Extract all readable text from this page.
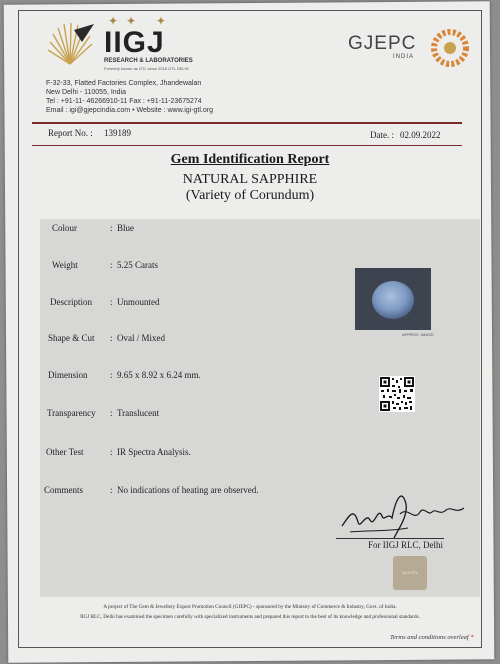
✦✦ ✦
IIGJ
RESEARCH & LABORATORIES
Formerly known as GTL since 2016 GTL DELHI
GJEPC
INDIA
F-32-33, Flatted Factories Complex, Jhandewalan
New Delhi - 110055, India
Tel : +91-11- 46266910-11 Fax : +91-11-23675274
Email : igi@gjepcindia.com • Website : www.igi-gtl.org
Report No. : 139189	Date. : 02.09.2022
Gem Identification Report
NATURAL SAPPHIRE
(Variety of Corundum)
Colour	: Blue
Weight	: 5.25 Carats
Description : Unmounted
Shape & Cut : Oval / Mixed
Dimension	: 9.65 x 8.92 x 6.24 mm.
Transparency : Translucent
Other Test	: IR Spectra Analysis.
Comments	: No indications of heating are observed.
APPROX. IMAGE
For IIGJ RLC, Delhi
IIGJ-GTL
A project of The Gem & Jewellery Export Promotion Council (GJEPC) - sponsored by the Ministry of Commerce & Industry, Govt. of India.
IIGJ RLC, Delhi has examined the specimen carefully with specialized instruments and prepared this report to the best of its knowledge and professional standards.
Terms and conditions overleaf *
